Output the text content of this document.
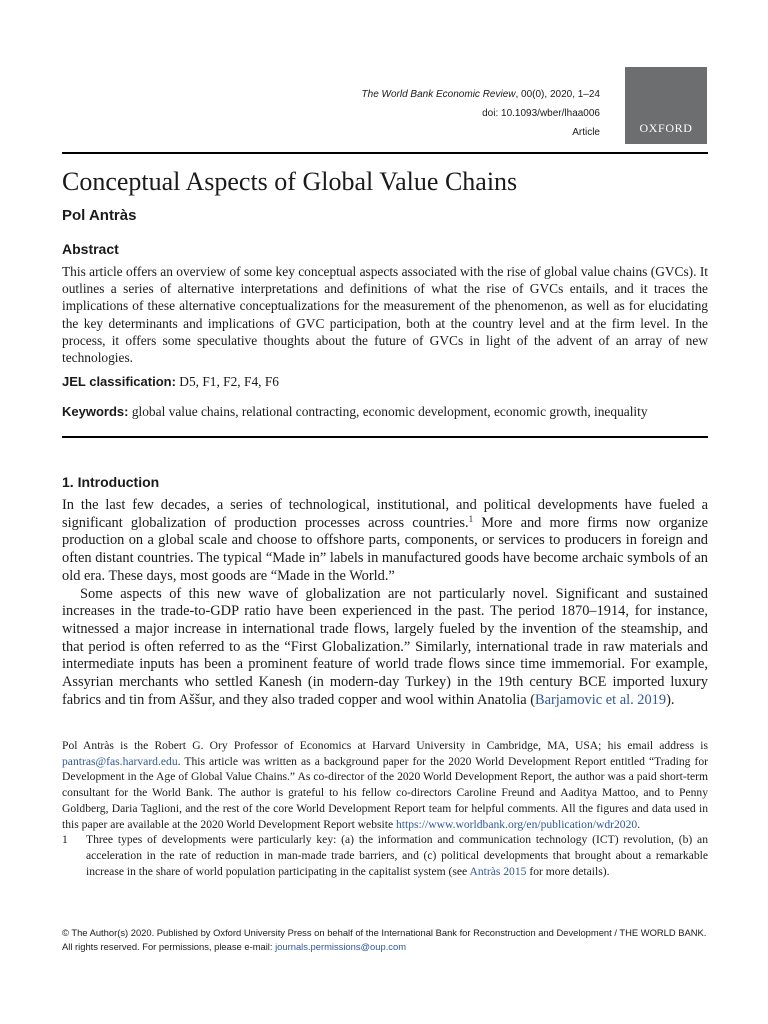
The World Bank Economic Review, 00(0), 2020, 1–24
doi: 10.1093/wber/lhaa006
Article	OXFORD
Conceptual Aspects of Global Value Chains
Pol Antràs
Abstract

This article offers an overview of some key conceptual aspects associated with the rise of global value chains (GVCs). It outlines a series of alternative interpretations and definitions of what the rise of GVCs entails, and it traces the implications of these alternative conceptualizations for the measurement of the phenomenon, as well as for elucidating the key determinants and implications of GVC participation, both at the country level and at the firm level. In the process, it offers some speculative thoughts about the future of GVCs in light of the advent of an array of new technologies.

JEL classification: D5, F1, F2, F4, F6
Keywords: global value chains, relational contracting, economic development, economic growth, inequality
1. Introduction

In the last few decades, a series of technological, institutional, and political developments have fueled a significant globalization of production processes across countries.$^1$ More and more firms now organize production on a global scale and choose to offshore parts, components, or services to producers in foreign and often distant countries. The typical “Made in” labels in manufactured goods have become archaic symbols of an old era. These days, most goods are “Made in the World.”

Some aspects of this new wave of globalization are not particularly novel. Significant and sustained increases in the trade-to-GDP ratio have been experienced in the past. The period 1870–1914, for instance, witnessed a major increase in international trade flows, largely fueled by the invention of the steamship, and that period is often referred to as the “First Globalization.” Similarly, international trade in raw materials and intermediate inputs has been a prominent feature of world trade flows since time immemorial. For example, Assyrian merchants who settled Kanesh (in modern-day Turkey) in the 19th century BCE imported luxury fabrics and tin from Aššur, and they also traded copper and wool within Anatolia (Barjamovic et al. 2019).

Pol Antràs is the Robert G. Ory Professor of Economics at Harvard University in Cambridge, MA, USA; his email address is pantras@fas.harvard.edu. This article was written as a background paper for the 2020 World Development Report entitled “Trading for Development in the Age of Global Value Chains.” As co-director of the 2020 World Development Report, the author was a paid short-term consultant for the World Bank. The author is grateful to his fellow co-directors Caroline Freund and Aaditya Mattoo, and to Penny Goldberg, Daria Taglioni, and the rest of the core World Development Report team for helpful comments. All the figures and data used in this paper are available at the 2020 World Development Report website https://www.worldbank.org/en/publication/wdr2020.

1	Three types of developments were particularly key: (a) the information and communication technology (ICT) revolution, (b) an acceleration in the rate of reduction in man-made trade barriers, and (c) political developments that brought about a remarkable increase in the share of world population participating in the capitalist system (see Antràs 2015 for more details).
© The Author(s) 2020. Published by Oxford University Press on behalf of the International Bank for Reconstruction and Development / THE WORLD BANK.
All rights reserved. For permissions, please e-mail: journals.permissions@oup.com
